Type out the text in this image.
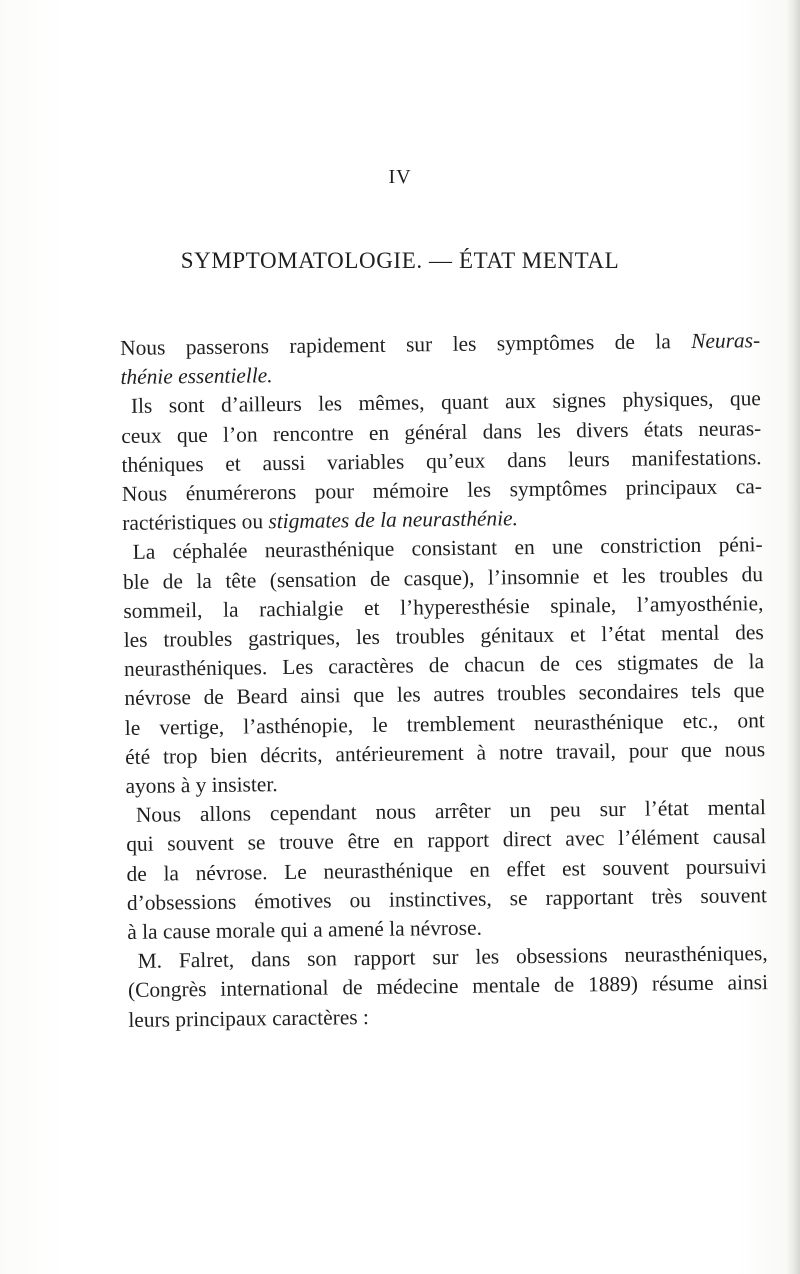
IV
SYMPTOMATOLOGIE. — ÉTAT MENTAL
Nous passerons rapidement sur les symptômes de la Neuras-
thénie essentielle.
Ils sont d’ailleurs les mêmes, quant aux signes physiques, que
ceux que l’on rencontre en général dans les divers états neuras-
théniques et aussi variables qu’eux dans leurs manifestations.
Nous énumérerons pour mémoire les symptômes principaux ca-
ractéristiques ou stigmates de la neurasthénie.
La céphalée neurasthénique consistant en une constriction péni-
ble de la tête (sensation de casque), l’insomnie et les troubles du
sommeil, la rachialgie et l’hyperesthésie spinale, l’amyosthénie,
les troubles gastriques, les troubles génitaux et l’état mental des
neurasthéniques. Les caractères de chacun de ces stigmates de la
névrose de Beard ainsi que les autres troubles secondaires tels que
le vertige, l’asthénopie, le tremblement neurasthénique etc., ont
été trop bien décrits, antérieurement à notre travail, pour que nous
ayons à y insister.
Nous allons cependant nous arrêter un peu sur l’état mental
qui souvent se trouve être en rapport direct avec l’élément causal
de la névrose. Le neurasthénique en effet est souvent poursuivi
d’obsessions émotives ou instinctives, se rapportant très souvent
à la cause morale qui a amené la névrose.
M. Falret, dans son rapport sur les obsessions neurasthéniques,
(Congrès international de médecine mentale de 1889) résume ainsi
leurs principaux caractères :
